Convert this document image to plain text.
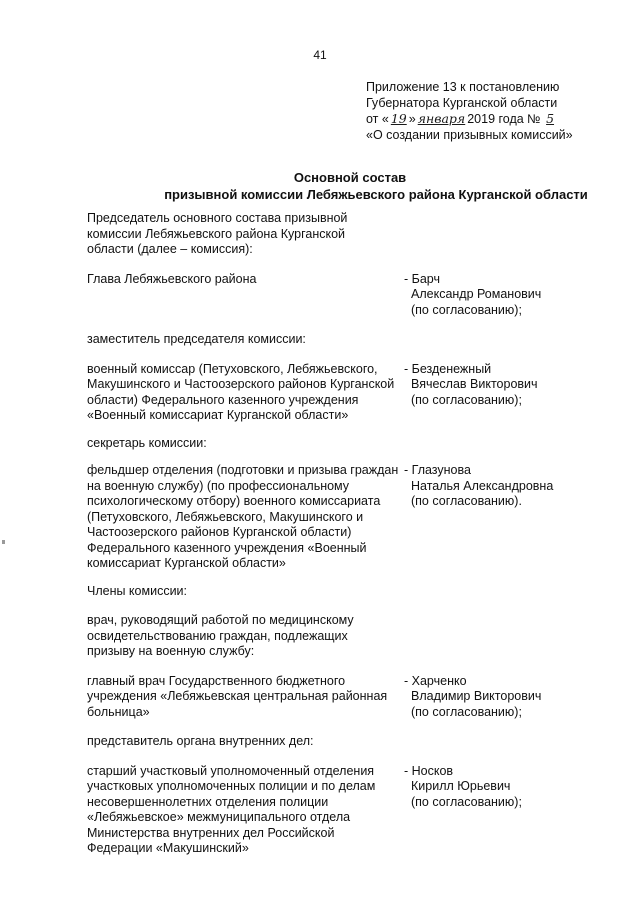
41
Приложение 13 к постановлению
Губернатора Курганской области
от « 19 » января 2019 года № 5
«О создании призывных комиссий»
Основной состав
призывной комиссии Лебяжьевского района Курганской области
Председатель основного состава призывной комиссии Лебяжьевского района Курганской области (далее – комиссия):
Глава Лебяжьевского района	- Барч
Александр Романович
(по согласованию);
заместитель председателя комиссии:
военный комиссар (Петуховского, Лебяжьевского, Макушинского и Частоозерского районов Курганской области) Федерального казенного учреждения «Военный комиссариат Курганской области»
- Безденежный
Вячеслав Викторович
(по согласованию);
секретарь комиссии:
фельдшер отделения (подготовки и призыва граждан на военную службу) (по профессиональному психологическому отбору) военного комиссариата (Петуховского, Лебяжьевского, Макушинского и Частоозерского районов Курганской области) Федерального казенного учреждения «Военный комиссариат Курганской области»
- Глазунова
Наталья Александровна
(по согласованию).
Члены комиссии:
врач, руководящий работой по медицинскому освидетельствованию граждан, подлежащих призыву на военную службу:
главный врач Государственного бюджетного учреждения «Лебяжьевская центральная районная больница»
- Харченко
Владимир Викторович
(по согласованию);
представитель органа внутренних дел:
старший участковый уполномоченный отделения участковых уполномоченных полиции и по делам несовершеннолетних отделения полиции «Лебяжьевское» межмуниципального отдела Министерства внутренних дел Российской Федерации «Макушинский»
- Носков
Кирилл Юрьевич
(по согласованию);
